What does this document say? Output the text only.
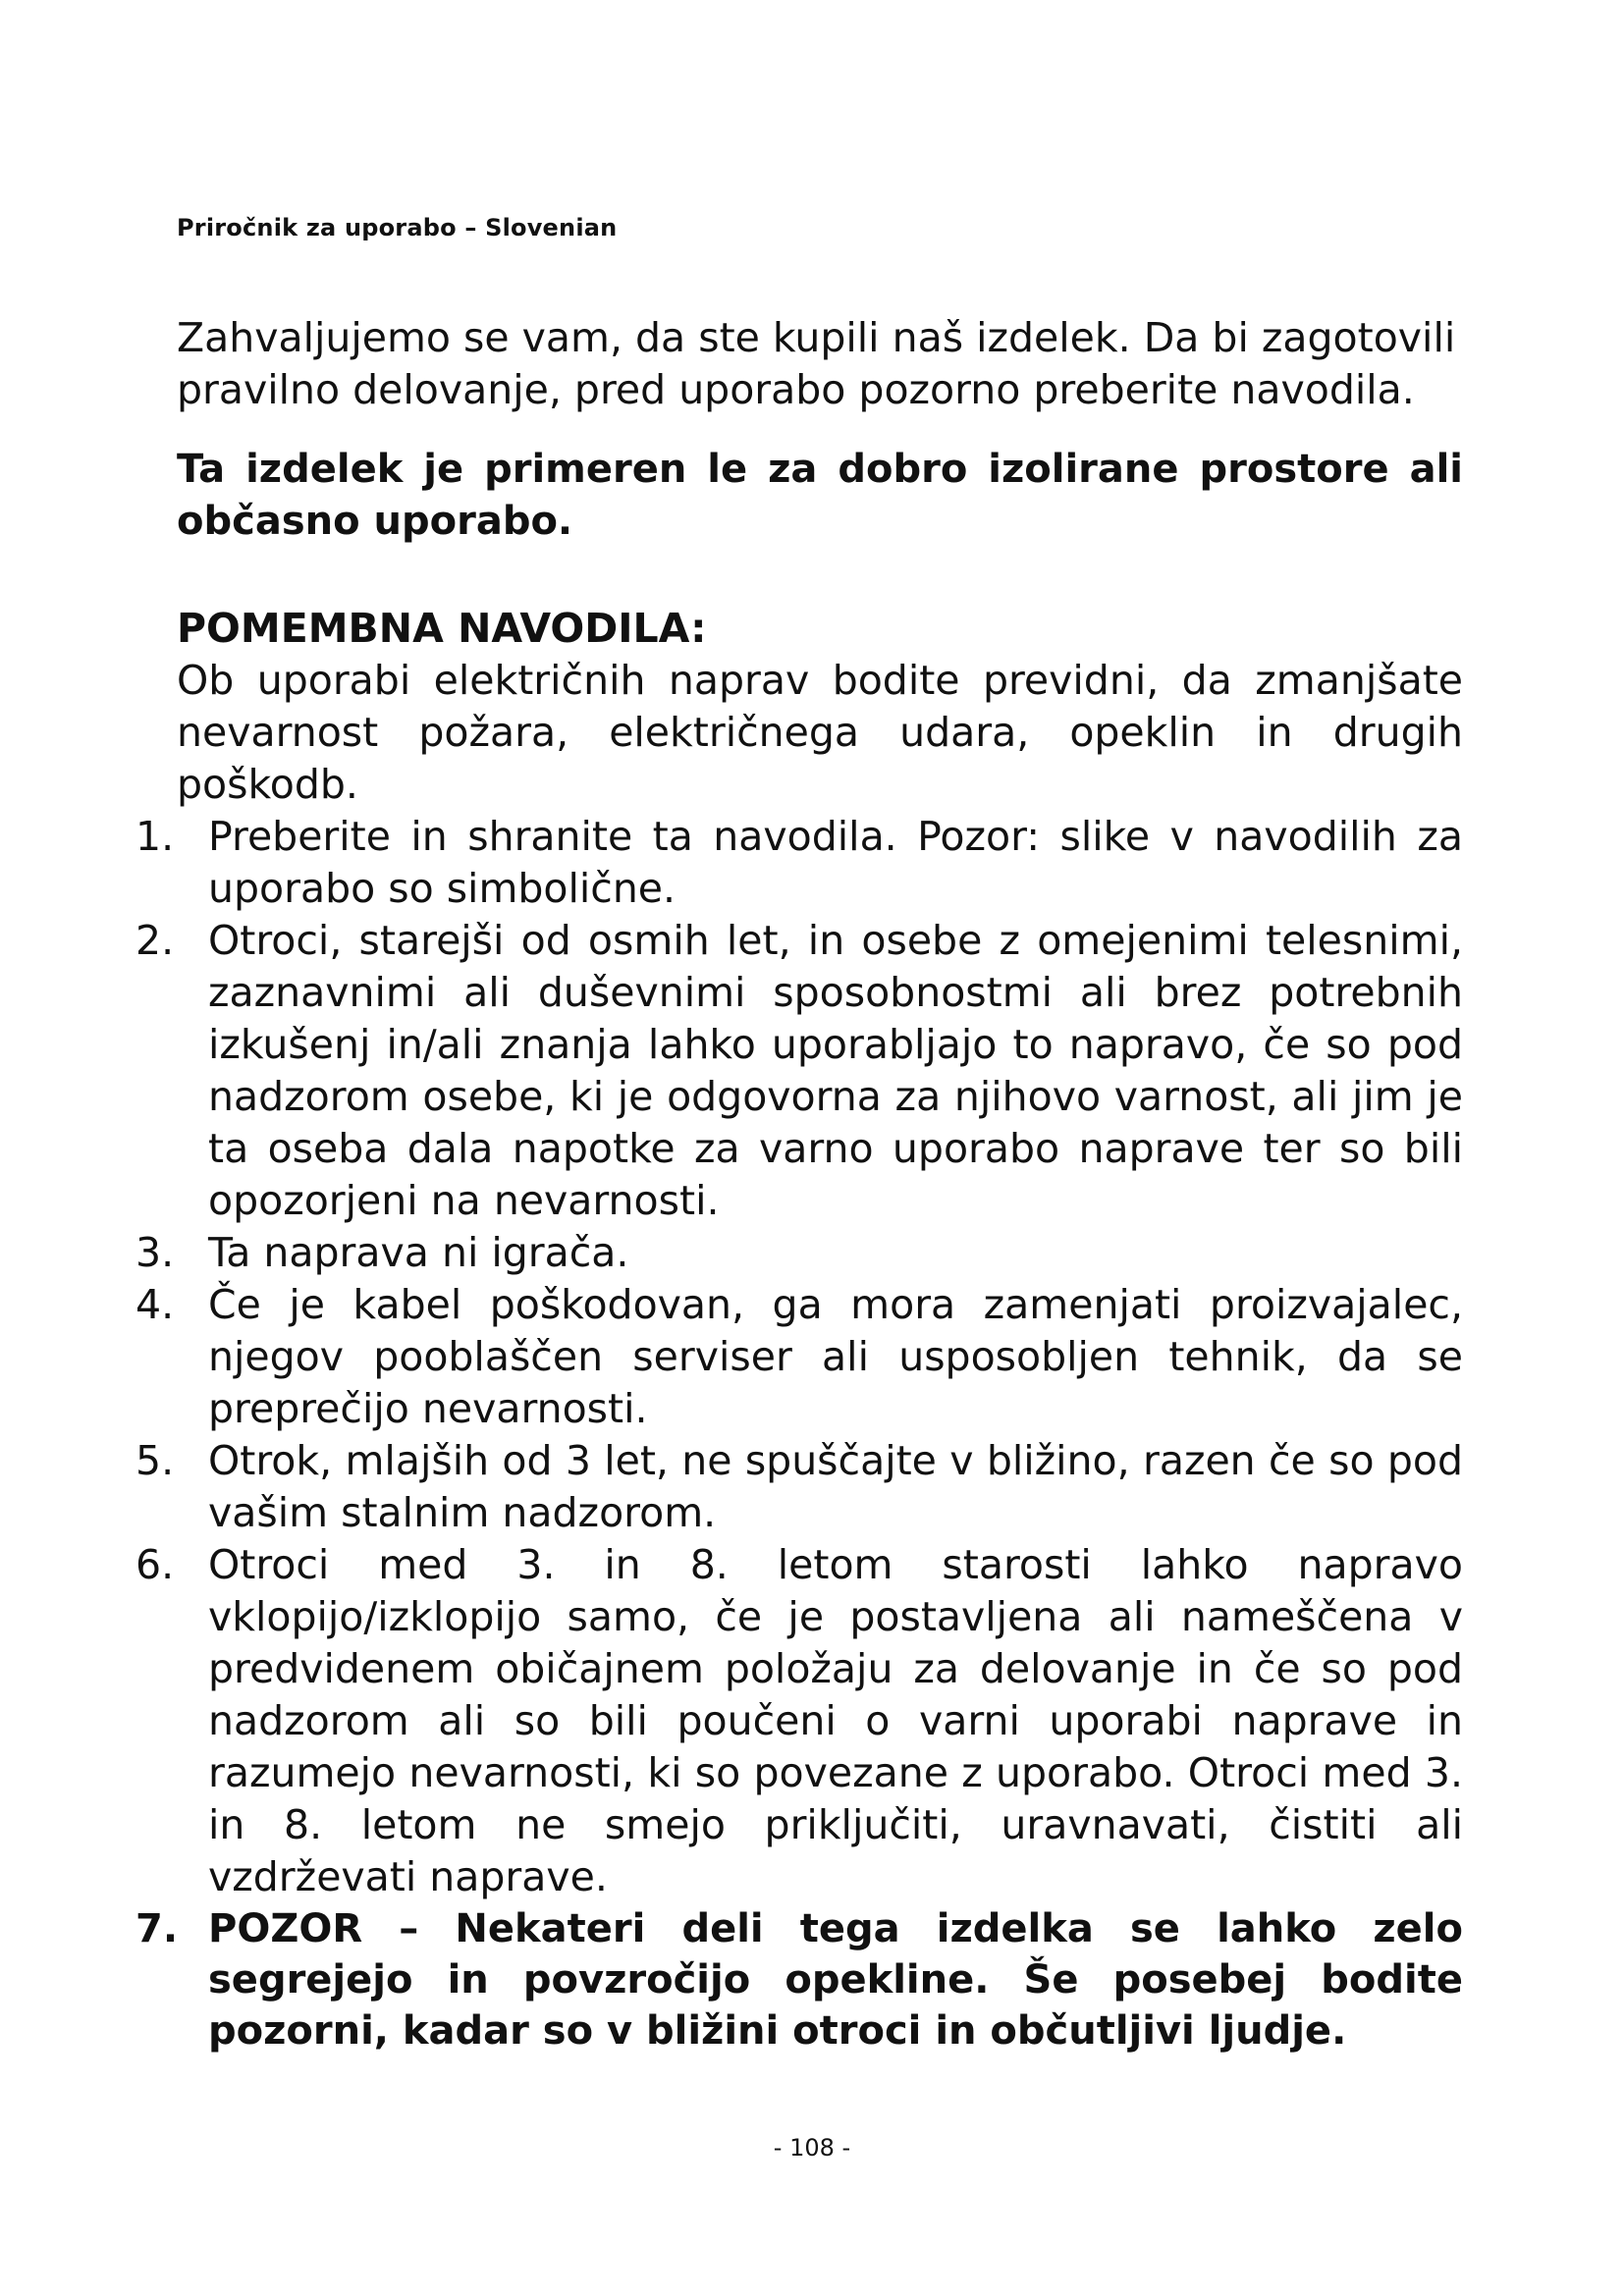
Priročnik za uporabo – Slovenian

Zahvaljujemo se vam, da ste kupili naš izdelek. Da bi zagotovili pravilno delovanje, pred uporabo pozorno preberite navodila.

Ta izdelek je primeren le za dobro izolirane prostore ali občasno uporabo.

POMEMBNA NAVODILA:

Ob uporabi električnih naprav bodite previdni, da zmanjšate nevarnost požara, električnega udara, opeklin in drugih poškodb.

1. Preberite in shranite ta navodila. Pozor: slike v navodilih za uporabo so simbolične.
2. Otroci, starejši od osmih let, in osebe z omejenimi telesnimi, zaznavnimi ali duševnimi sposobnostmi ali brez potrebnih izkušenj in/ali znanja lahko uporabljajo to napravo, če so pod nadzorom osebe, ki je odgovorna za njihovo varnost, ali jim je ta oseba dala napotke za varno uporabo naprave ter so bili opozorjeni na nevarnosti.
3. Ta naprava ni igrača.
4. Če je kabel poškodovan, ga mora zamenjati proizvajalec, njegov pooblaščen serviser ali usposobljen tehnik, da se preprečijo nevarnosti.
5. Otrok, mlajših od 3 let, ne spuščajte v bližino, razen če so pod vašim stalnim nadzorom.
6. Otroci med 3. in 8. letom starosti lahko napravo vklopijo/izklopijo samo, če je postavljena ali nameščena v predvidenem običajnem položaju za delovanje in če so pod nadzorom ali so bili poučeni o varni uporabi naprave in razumejo nevarnosti, ki so povezane z uporabo. Otroci med 3. in 8. letom ne smejo priključiti, uravnavati, čistiti ali vzdrževati naprave.
7. POZOR – Nekateri deli tega izdelka se lahko zelo segrejejo in povzročijo opekline. Še posebej bodite pozorni, kadar so v bližini otroci in občutljivi ljudje.
- 108 -
